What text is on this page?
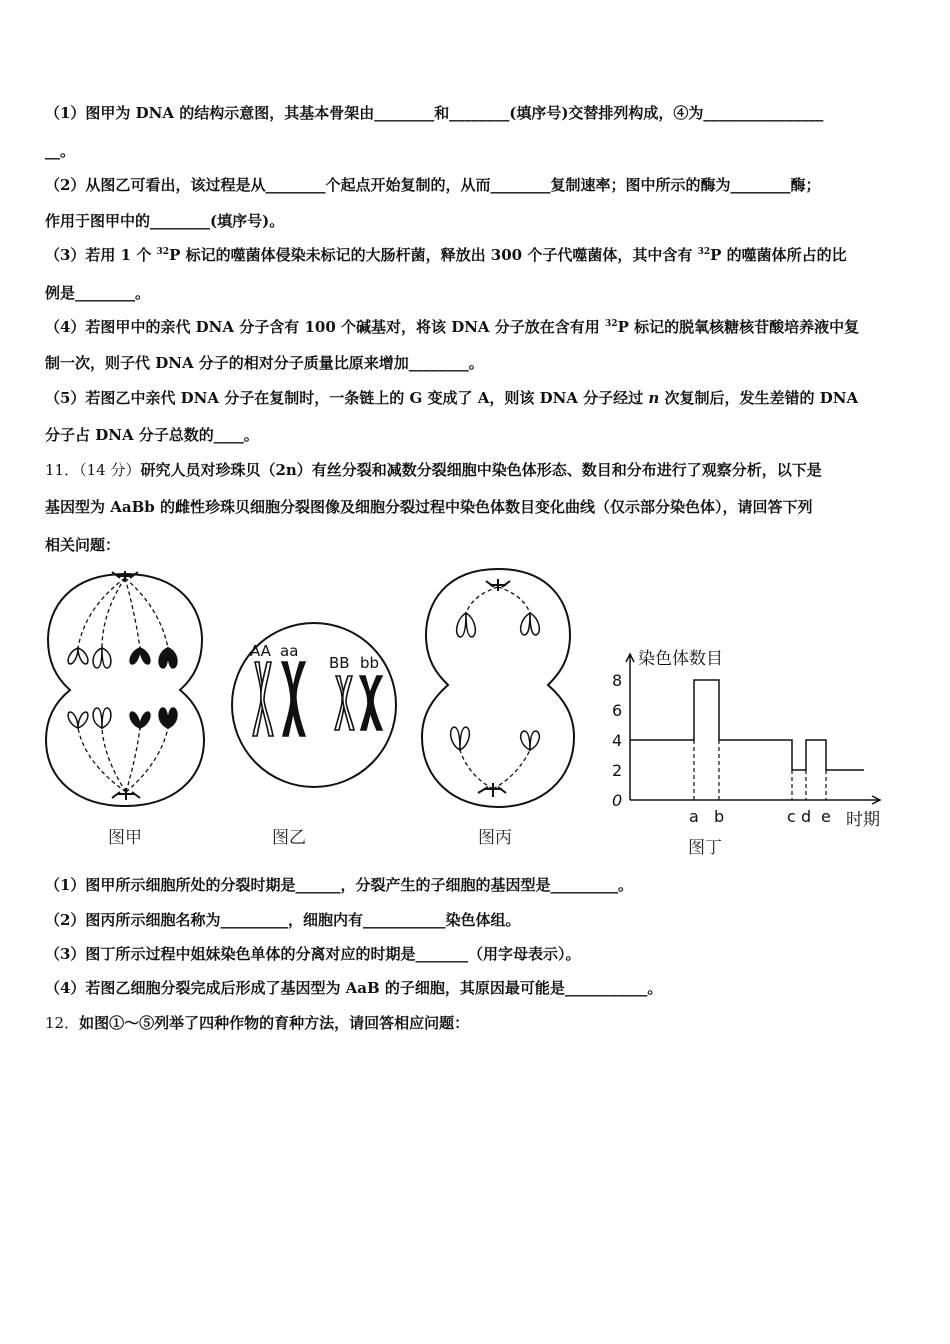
（1）图甲为 DNA 的结构示意图，其基本骨架由________和________(填序号)交替排列构成，④为________________
__。
（2）从图乙可看出，该过程是从________个起点开始复制的，从而________复制速率；图中所示的酶为________酶；
作用于图甲中的________(填序号)。
（3）若用 1 个 $^{32}$P 标记的噬菌体侵染未标记的大肠杆菌，释放出 300 个子代噬菌体，其中含有 $^{32}$P 的噬菌体所占的比
例是________。
（4）若图甲中的亲代 DNA 分子含有 100 个碱基对，将该 DNA 分子放在含有用 $^{32}$P 标记的脱氧核糖核苷酸培养液中复
制一次，则子代 DNA 分子的相对分子质量比原来增加________。
（5）若图乙中亲代 DNA 分子在复制时，一条链上的 G 变成了 A，则该 DNA 分子经过 n 次复制后，发生差错的 DNA
分子占 DNA 分子总数的____。
11．（14 分）研究人员对珍珠贝（2n）有丝分裂和减数分裂细胞中染色体形态、数目和分布进行了观察分析，以下是
基因型为 AaBb 的雌性珍珠贝细胞分裂图像及细胞分裂过程中染色体数目变化曲线（仅示部分染色体），请回答下列
相关问题：
图甲
AA aa
BB bb
图乙	图丙
染色体数目
时期
8
6
4
2
0
a b	c d e
图丁
（1）图甲所示细胞所处的分裂时期是______，分裂产生的子细胞的基因型是_________。
（2）图丙所示细胞名称为_________，细胞内有___________染色体组。
（3）图丁所示过程中姐妹染色单体的分离对应的时期是_______（用字母表示）。
（4）若图乙细胞分裂完成后形成了基因型为 AaB 的子细胞，其原因最可能是___________。
12．如图①～⑤列举了四种作物的育种方法，请回答相应问题：
